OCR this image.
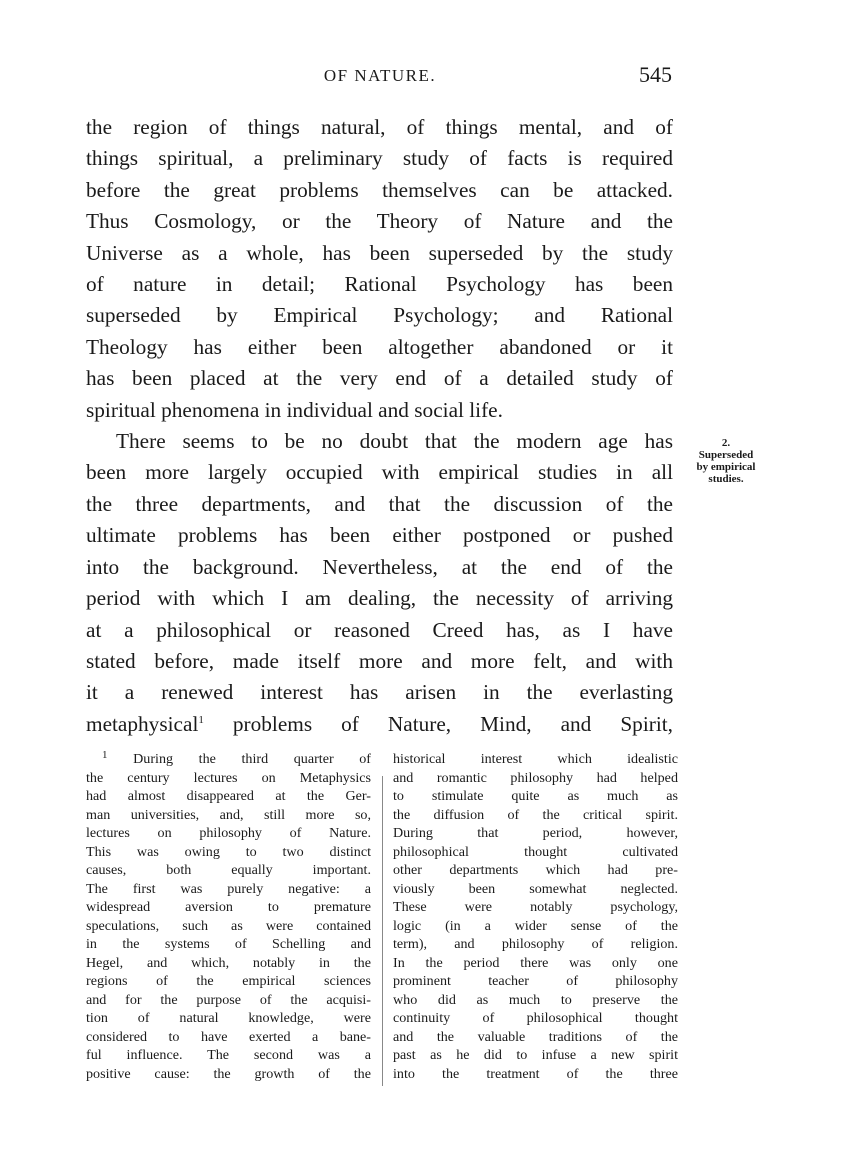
OF NATURE.	545

the region of things natural, of things mental, and of
things spiritual, a preliminary study of facts is required
before the great problems themselves can be attacked.
Thus Cosmology, or the Theory of Nature and the
Universe as a whole, has been superseded by the study
of nature in detail; Rational Psychology has been
superseded by Empirical Psychology; and Rational
Theology has either been altogether abandoned or it
has been placed at the very end of a detailed study of
spiritual phenomena in individual and social life.

There seems to be no doubt that the modern age has
been more largely occupied with empirical studies in all
the three departments, and that the discussion of the
ultimate problems has been either postponed or pushed
into the background. Nevertheless, at the end of the
period with which I am dealing, the necessity of arriving
at a philosophical or reasoned Creed has, as I have
stated before, made itself more and more felt, and with
it a renewed interest has arisen in the everlasting
metaphysical$^1$ problems of Nature, Mind, and Spirit,

2.
Superseded
by empirical
studies.
$^1$ During the third quarter of
the century lectures on Metaphysics
had almost disappeared at the Ger-
man universities, and, still more so,
lectures on philosophy of Nature.
This was owing to two distinct
causes, both equally important.
The first was purely negative: a
widespread aversion to premature
speculations, such as were contained
in the systems of Schelling and
Hegel, and which, notably in the
regions of the empirical sciences
and for the purpose of the acquisi-
tion of natural knowledge, were
considered to have exerted a bane-
ful influence. The second was a
positive cause: the growth of the
historical interest which idealistic
and romantic philosophy had helped
to stimulate quite as much as
the diffusion of the critical spirit.
During that period, however,
philosophical thought cultivated
other departments which had pre-
viously been somewhat neglected.
These were notably psychology,
logic (in a wider sense of the
term), and philosophy of religion.
In the period there was only one
prominent teacher of philosophy
who did as much to preserve the
continuity of philosophical thought
and the valuable traditions of the
past as he did to infuse a new spirit
into the treatment of the three
